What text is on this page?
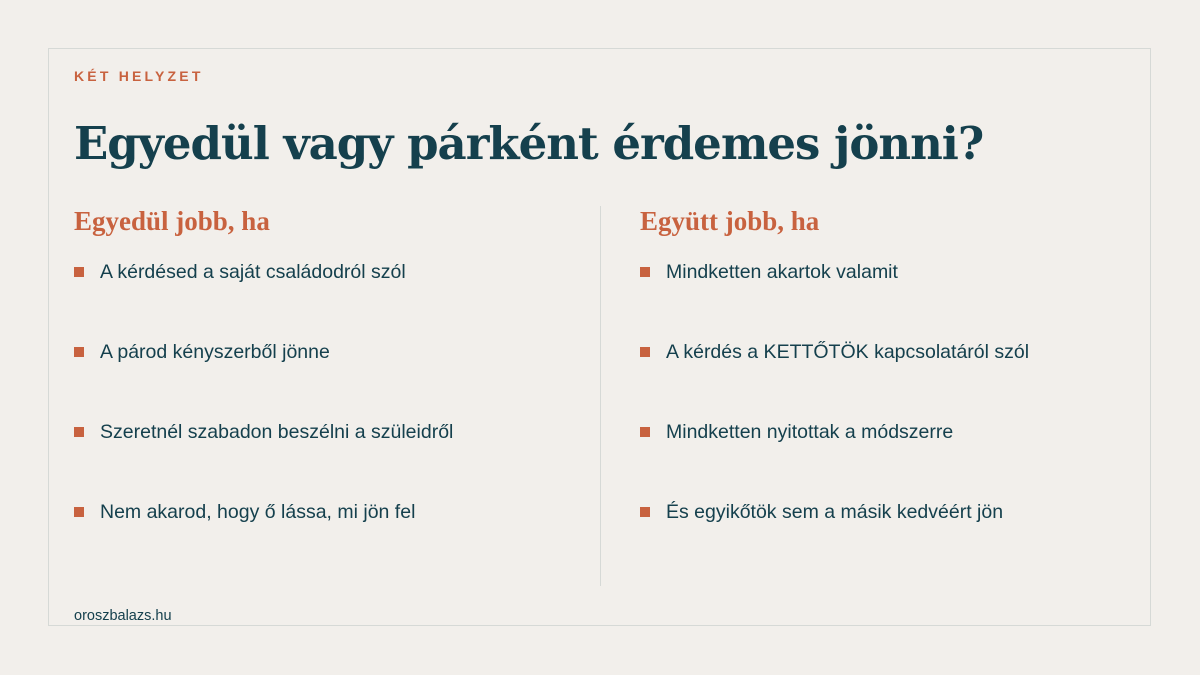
KÉT HELYZET

Egyedül vagy párként érdemes jönni?
Egyedül jobb, ha
A kérdésed a saját családodról szól
A párod kényszerből jönne
Szeretnél szabadon beszélni a szüleidről
Nem akarod, hogy ő lássa, mi jön fel
Együtt jobb, ha
Mindketten akartok valamit
A kérdés a KETTŐTÖK kapcsolatáról szól
Mindketten nyitottak a módszerre
És egyikőtök sem a másik kedvéért jön

oroszbalazs.hu
